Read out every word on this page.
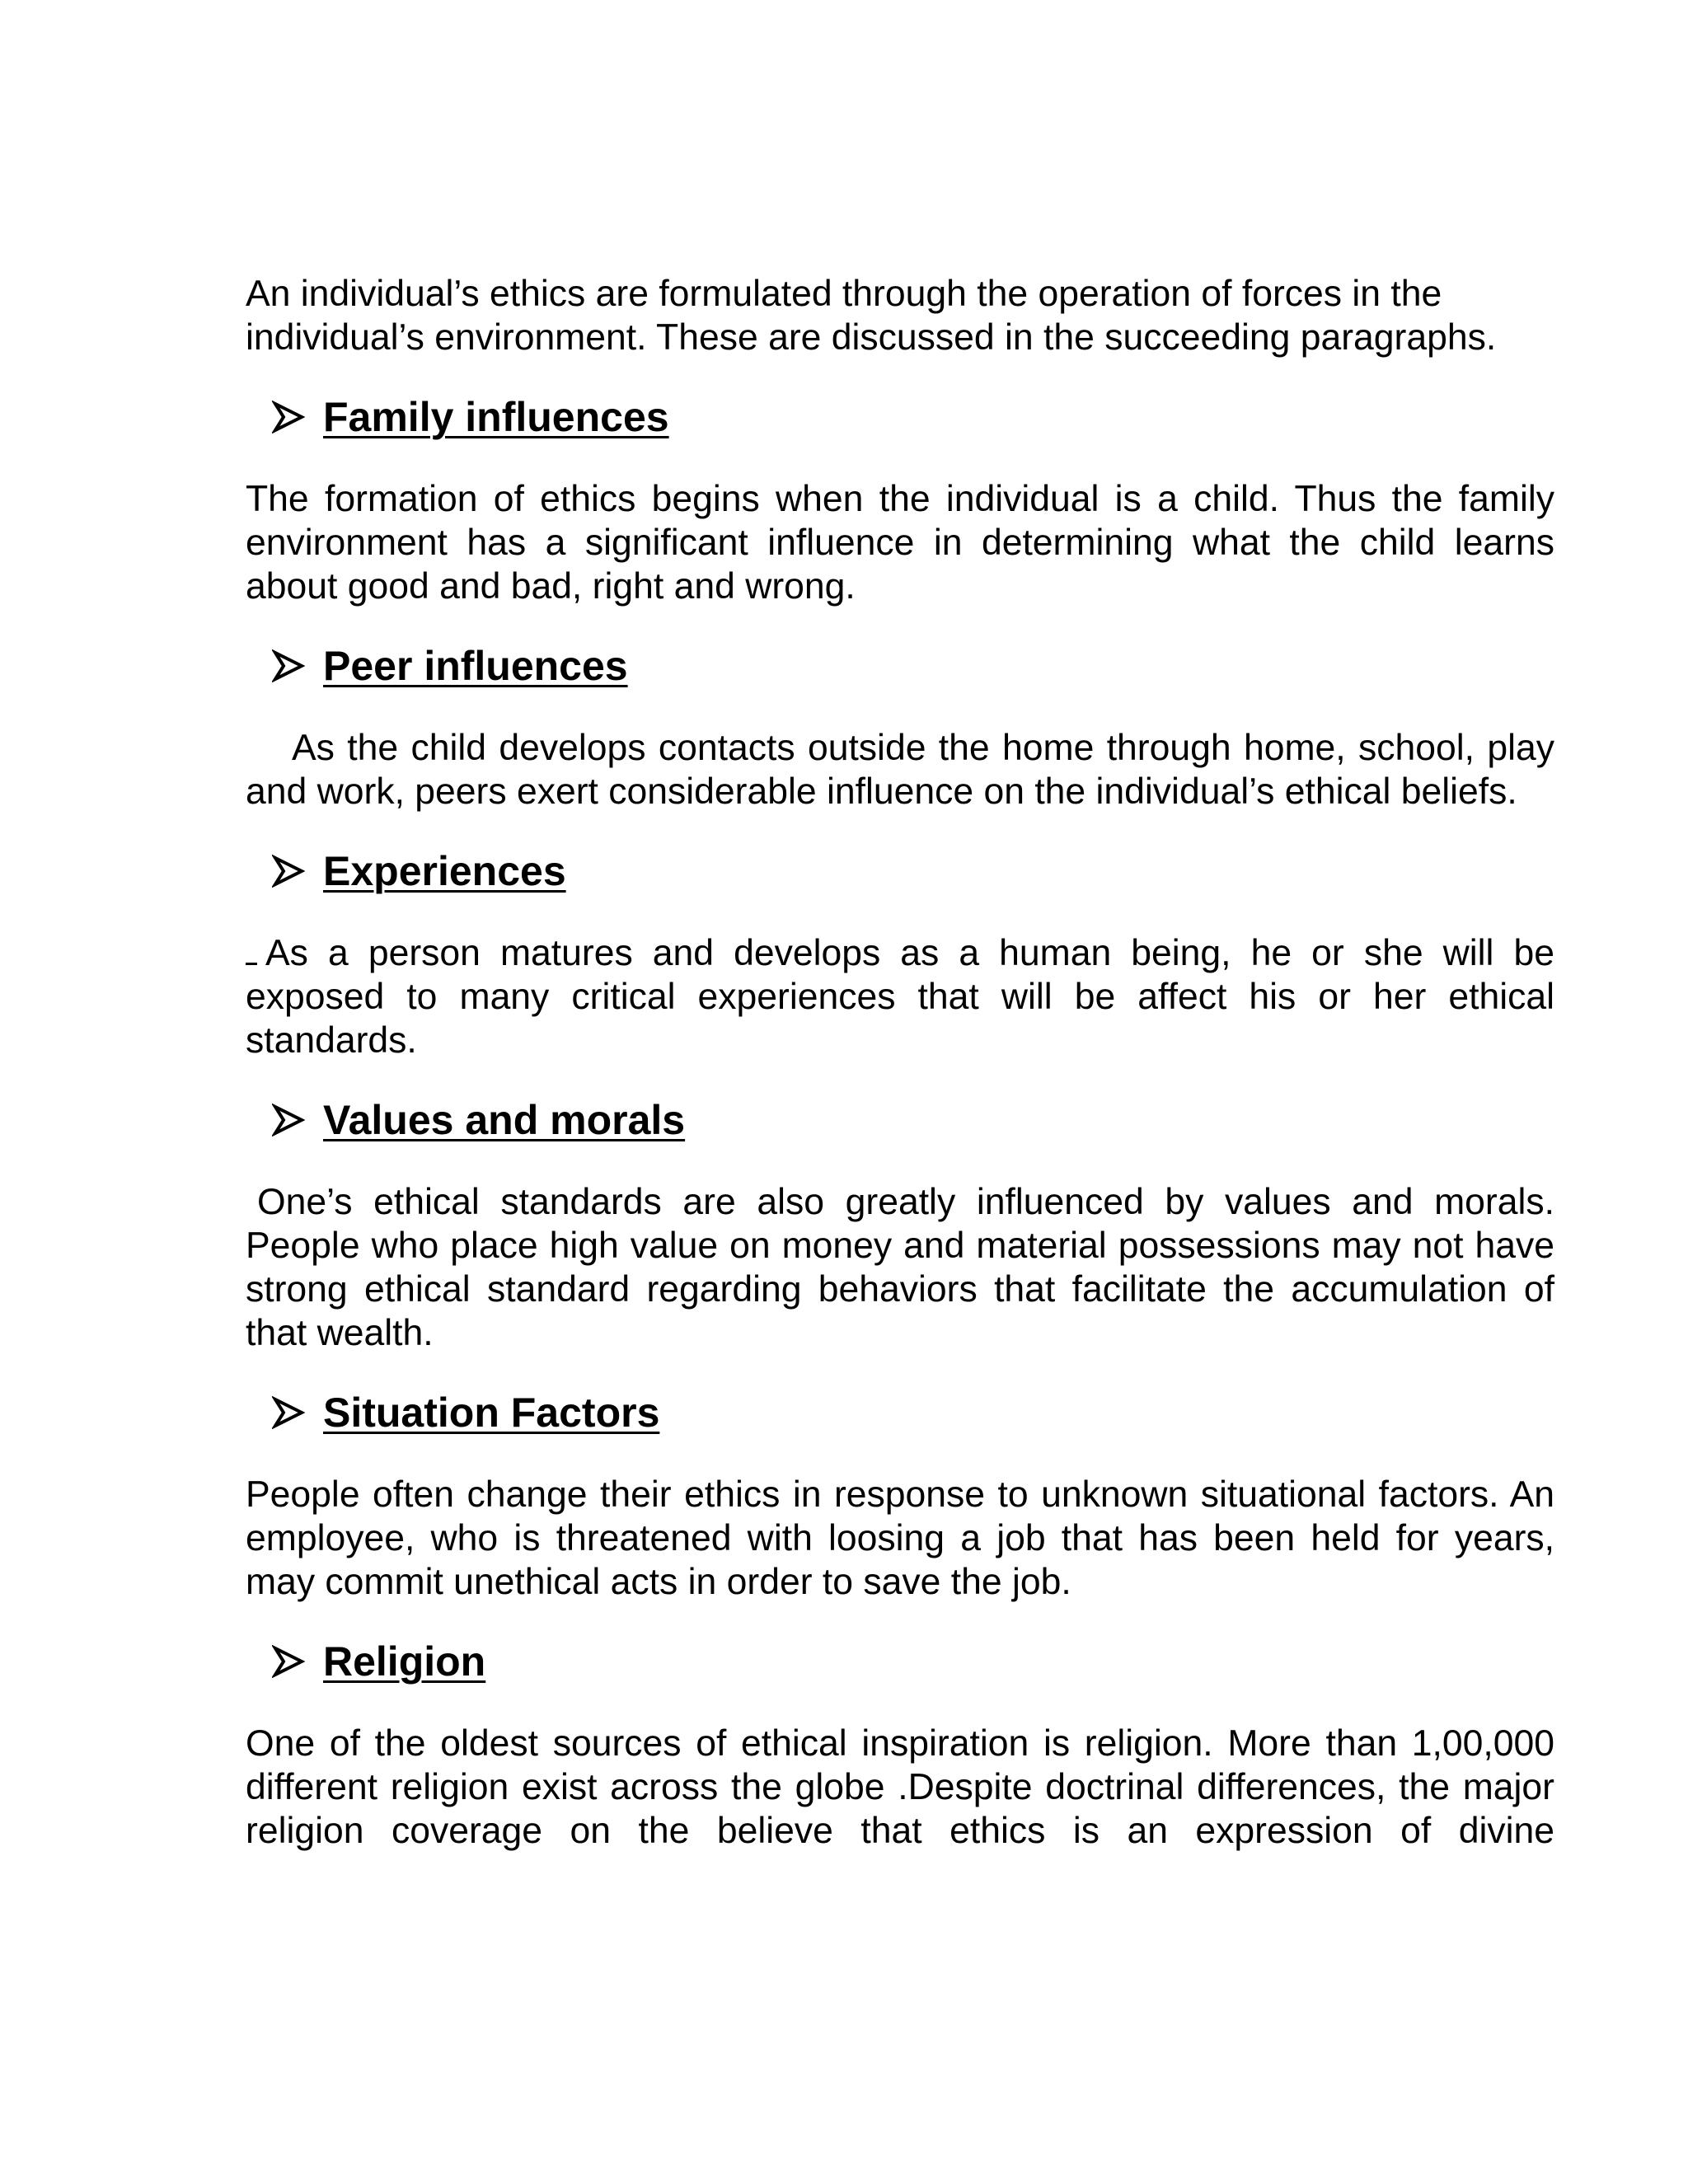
An individual’s ethics are formulated through the operation of forces in the individual’s environment. These are discussed in the succeeding paragraphs.

Family influences

The formation of ethics begins when the individual is a child. Thus the family environment has a significant influence in determining what the child learns about good and bad, right and wrong.

Peer influences

As the child develops contacts outside the home through home, school, play and work, peers exert considerable influence on the individual’s ethical beliefs.

Experiences

As a person matures and develops as a human being, he or she will be exposed to many critical experiences that will be affect his or her ethical standards.

Values and morals

One’s ethical standards are also greatly influenced by values and morals. People who place high value on money and material possessions may not have strong ethical standard regarding behaviors that facilitate the accumulation of that wealth.

Situation Factors

People often change their ethics in response to unknown situational factors. An employee, who is threatened with loosing a job that has been held for years, may commit unethical acts in order to save the job.

Religion

One of the oldest sources of ethical inspiration is religion. More than 1,00,000 different religion exist across the globe .Despite doctrinal differences, the major religion coverage on the believe that ethics is an expression of divine
